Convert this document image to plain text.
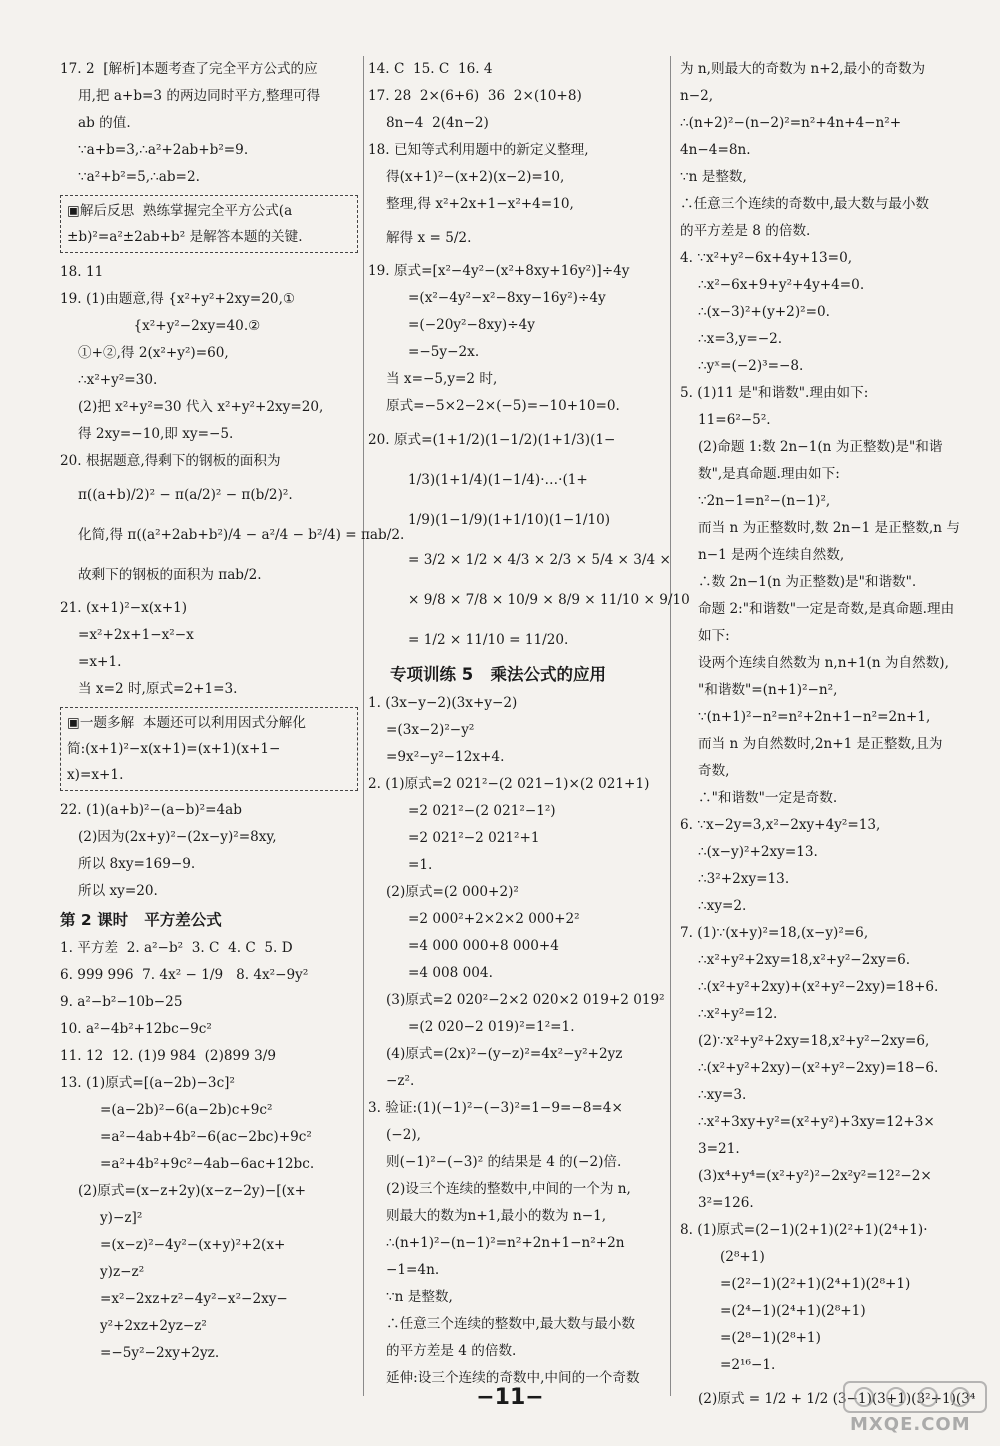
17. 2  [解析]本题考查了完全平方公式的应
用,把 a+b=3 的两边同时平方,整理可得
ab 的值.
∵a+b=3,∴a²+2ab+b²=9.
∵a²+b²=5,∴ab=2.
▣解后反思  熟练掌握完全平方公式(a
±b)²=a²±2ab+b² 是解答本题的关键.
18. 11
19. (1)由题意,得 {x²+y²+2xy=20,①
{x²+y²−2xy=40.②
①+②,得 2(x²+y²)=60,
∴x²+y²=30.
(2)把 x²+y²=30 代入 x²+y²+2xy=20,
得 2xy=−10,即 xy=−5.
20. 根据题意,得剩下的钢板的面积为
π((a+b)/2)² − π(a/2)² − π(b/2)².
化简,得 π((a²+2ab+b²)/4 − a²/4 − b²/4) = πab/2.
故剩下的钢板的面积为 πab/2.
21. (x+1)²−x(x+1)
=x²+2x+1−x²−x
=x+1.
当 x=2 时,原式=2+1=3.
▣一题多解  本题还可以利用因式分解化
简:(x+1)²−x(x+1)=(x+1)(x+1−
x)=x+1.
22. (1)(a+b)²−(a−b)²=4ab
(2)因为(2x+y)²−(2x−y)²=8xy,
所以 8xy=169−9.
所以 xy=20.
第 2 课时   平方差公式
1. 平方差  2. a²−b²  3. C  4. C  5. D
6. 999 996  7. 4x² − 1/9   8. 4x²−9y²
9. a²−b²−10b−25
10. a²−4b²+12bc−9c²
11. 12  12. (1)9 984  (2)899 3/9
13. (1)原式=[(a−2b)−3c]²
=(a−2b)²−6(a−2b)c+9c²
=a²−4ab+4b²−6(ac−2bc)+9c²
=a²+4b²+9c²−4ab−6ac+12bc.
(2)原式=(x−z+2y)(x−z−2y)−[(x+
y)−z]²
=(x−z)²−4y²−(x+y)²+2(x+
y)z−z²
=x²−2xz+z²−4y²−x²−2xy−
y²+2xz+2yz−z²
=−5y²−2xy+2yz.
14. C  15. C  16. 4
17. 28  2×(6+6)  36  2×(10+8)
8n−4  2(4n−2)
18. 已知等式利用题中的新定义整理,
得(x+1)²−(x+2)(x−2)=10,
整理,得 x²+2x+1−x²+4=10,
解得 x = 5/2.
19. 原式=[x²−4y²−(x²+8xy+16y²)]÷4y
=(x²−4y²−x²−8xy−16y²)÷4y
=(−20y²−8xy)÷4y
=−5y−2x.
当 x=−5,y=2 时,
原式=−5×2−2×(−5)=−10+10=0.
20. 原式=(1+1/2)(1−1/2)(1+1/3)(1−
1/3)(1+1/4)(1−1/4)·…·(1+
1/9)(1−1/9)(1+1/10)(1−1/10)
= 3/2 × 1/2 × 4/3 × 2/3 × 5/4 × 3/4 ×
× 9/8 × 7/8 × 10/9 × 8/9 × 11/10 × 9/10
= 1/2 × 11/10 = 11/20.
专项训练 5   乘法公式的应用
1. (3x−y−2)(3x+y−2)
=(3x−2)²−y²
=9x²−y²−12x+4.
2. (1)原式=2 021²−(2 021−1)×(2 021+1)
=2 021²−(2 021²−1²)
=2 021²−2 021²+1
=1.
(2)原式=(2 000+2)²
=2 000²+2×2×2 000+2²
=4 000 000+8 000+4
=4 008 004.
(3)原式=2 020²−2×2 020×2 019+2 019²
=(2 020−2 019)²=1²=1.
(4)原式=(2x)²−(y−z)²=4x²−y²+2yz
−z².
3. 验证:(1)(−1)²−(−3)²=1−9=−8=4×
(−2),
则(−1)²−(−3)² 的结果是 4 的(−2)倍.
(2)设三个连续的整数中,中间的一个为 n,
则最大的数为n+1,最小的数为 n−1,
∴(n+1)²−(n−1)²=n²+2n+1−n²+2n
−1=4n.
∵n 是整数,
∴任意三个连续的整数中,最大数与最小数
的平方差是 4 的倍数.
延伸:设三个连续的奇数中,中间的一个奇数
为 n,则最大的奇数为 n+2,最小的奇数为
n−2,
∴(n+2)²−(n−2)²=n²+4n+4−n²+
4n−4=8n.
∵n 是整数,
∴任意三个连续的奇数中,最大数与最小数
的平方差是 8 的倍数.
4. ∵x²+y²−6x+4y+13=0,
∴x²−6x+9+y²+4y+4=0.
∴(x−3)²+(y+2)²=0.
∴x=3,y=−2.
∴yˣ=(−2)³=−8.
5. (1)11 是"和谐数".理由如下:
11=6²−5².
(2)命题 1:数 2n−1(n 为正整数)是"和谐
数",是真命题.理由如下:
∵2n−1=n²−(n−1)²,
而当 n 为正整数时,数 2n−1 是正整数,n 与
n−1 是两个连续自然数,
∴数 2n−1(n 为正整数)是"和谐数".
命题 2:"和谐数"一定是奇数,是真命题.理由
如下:
设两个连续自然数为 n,n+1(n 为自然数),
"和谐数"=(n+1)²−n²,
∵(n+1)²−n²=n²+2n+1−n²=2n+1,
而当 n 为自然数时,2n+1 是正整数,且为
奇数,
∴"和谐数"一定是奇数.
6. ∵x−2y=3,x²−2xy+4y²=13,
∴(x−y)²+2xy=13.
∴3²+2xy=13.
∴xy=2.
7. (1)∵(x+y)²=18,(x−y)²=6,
∴x²+y²+2xy=18,x²+y²−2xy=6.
∴(x²+y²+2xy)+(x²+y²−2xy)=18+6.
∴x²+y²=12.
(2)∵x²+y²+2xy=18,x²+y²−2xy=6,
∴(x²+y²+2xy)−(x²+y²−2xy)=18−6.
∴xy=3.
∴x²+3xy+y²=(x²+y²)+3xy=12+3×
3=21.
(3)x⁴+y⁴=(x²+y²)²−2x²y²=12²−2×
3²=126.
8. (1)原式=(2−1)(2+1)(2²+1)(2⁴+1)·
(2⁸+1)
=(2²−1)(2²+1)(2⁴+1)(2⁸+1)
=(2⁴−1)(2⁴+1)(2⁸+1)
=(2⁸−1)(2⁸+1)
=2¹⁶−1.
(2)原式 = 1/2 + 1/2 (3−1)(3+1)(3²+1)(3⁴
−11−
MXQE.COM
